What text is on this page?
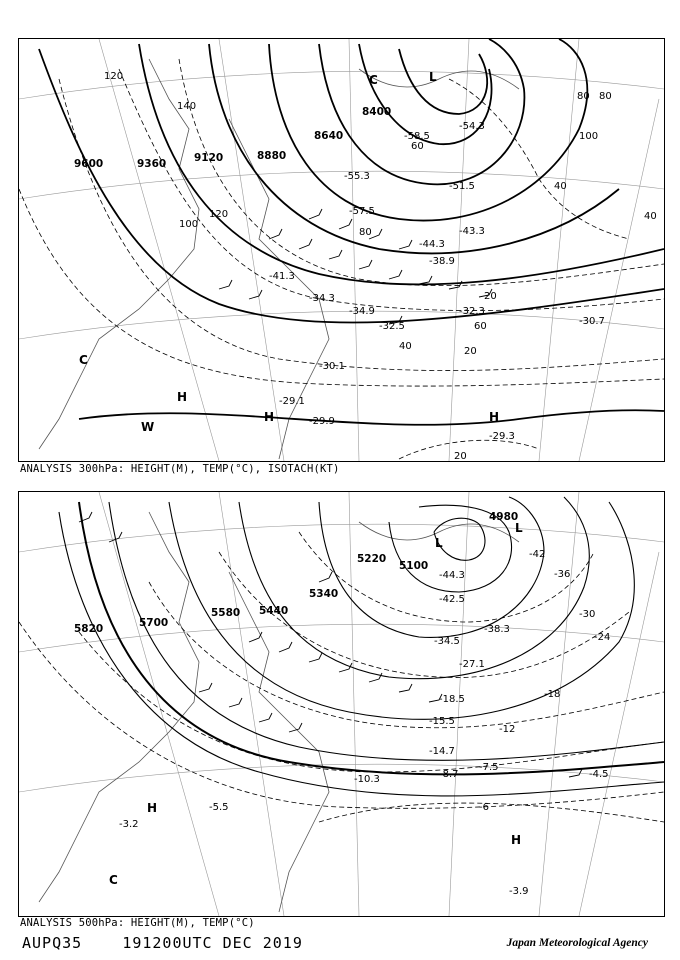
9600	9360	9120	8880
8640
8400
120
140
100
120
80
60
40
20
20
20
40
60
80
80
100
40
-51.5
-55.3
-58.5
-57.5
-54.3
-44.3
-43.3
-38.9
-41.3
-34.3
-34.9
-32.5
-32.3
-30.7
-30.1
-29.1
-29.9
-29.3
L
C
C
H
H	H
W
ANALYSIS 300hPa: HEIGHT(M), TEMP(°C), ISOTACH(KT)
5820	5700
5580 5440
5340
5220
5100
4980
-42
-36
-30
-24
-18
-12
-6
-44.3
-42.5
-38.3
-34.5
-27.1
-18.5
-15.5
-14.7
-10.3	-8.7
-7.5
-5.5
-4.5
-3.9
-3.2
L
L
H
H
C
ANALYSIS 500hPa: HEIGHT(M), TEMP(°C)
AUPQ35	191200UTC DEC 2019	Japan Meteorological Agency
